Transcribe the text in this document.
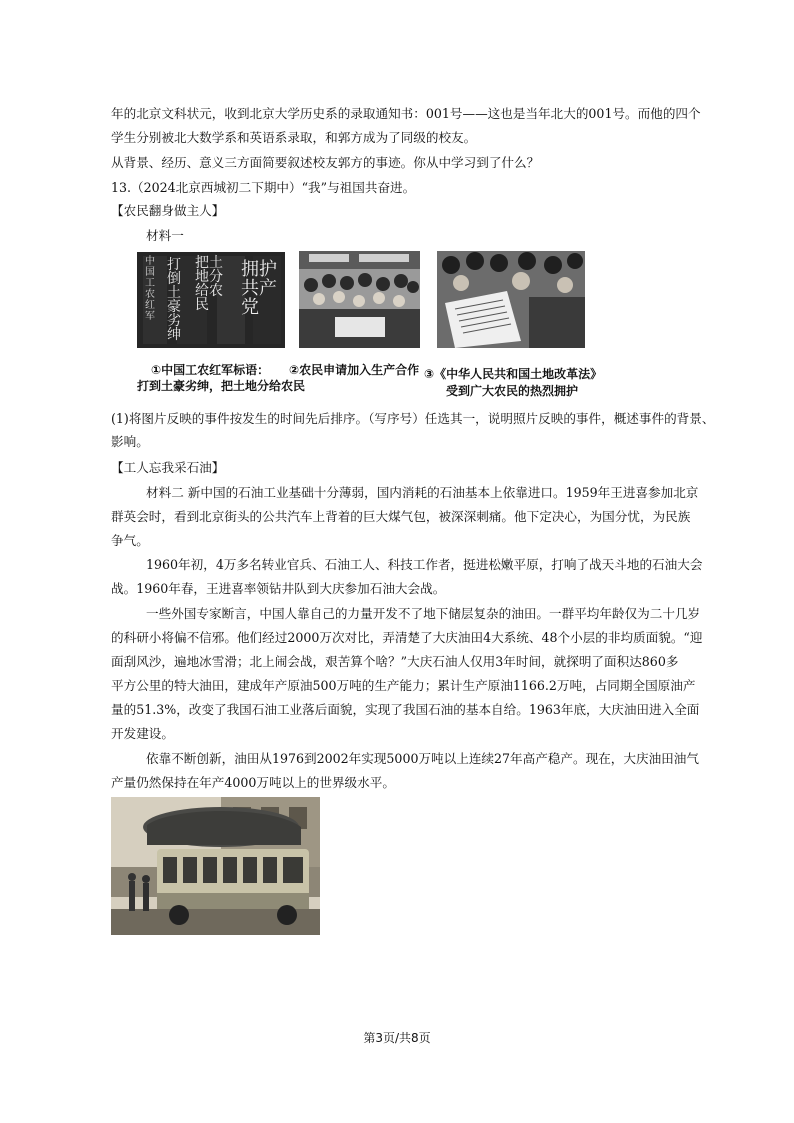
年的北京文科状元，收到北京大学历史系的录取通知书：001号——这也是当年北大的001号。而他的四个
学生分别被北大数学系和英语系录取，和郭方成为了同级的校友。
从背景、经历、意义三方面简要叙述校友郭方的事迹。你从中学习到了什么？
13.（2024北京西城初二下期中）“我”与祖国共奋进。
【农民翻身做主人】
材料一
中国工农红军
打倒土豪劣绅
把土地分给农民
拥护共产党
①中国工农红军标语：
打到土豪劣绅，把土地分给农民
②农民申请加入生产合作 ③《中华人民共和国土地改革法》
受到广大农民的热烈拥护
(1)将图片反映的事件按发生的时间先后排序。（写序号）任选其一，说明照片反映的事件，概述事件的背景、
影响。
【工人忘我采石油】
材料二 新中国的石油工业基础十分薄弱，国内消耗的石油基本上依靠进口。1959年王进喜参加北京
群英会时，看到北京街头的公共汽车上背着的巨大煤气包，被深深刺痛。他下定决心，为国分忧，为民族
争气。
1960年初，4万多名转业官兵、石油工人、科技工作者，挺进松嫩平原，打响了战天斗地的石油大会
战。1960年春，王进喜率领钻井队到大庆参加石油大会战。
一些外国专家断言，中国人靠自己的力量开发不了地下储层复杂的油田。一群平均年龄仅为二十几岁
的科研小将偏不信邪。他们经过2000万次对比，弄清楚了大庆油田4大系统、48个小层的非均质面貌。“迎
面刮风沙，遍地冰雪滑；北上闹会战，艰苦算个啥？”大庆石油人仅用3年时间，就探明了面积达860多
平方公里的特大油田，建成年产原油500万吨的生产能力；累计生产原油1166.2万吨，占同期全国原油产
量的51.3%，改变了我国石油工业落后面貌，实现了我国石油的基本自给。1963年底，大庆油田进入全面
开发建设。
依靠不断创新，油田从1976到2002年实现5000万吨以上连续27年高产稳产。现在，大庆油田油气
产量仍然保持在年产4000万吨以上的世界级水平。
第3页/共8页
